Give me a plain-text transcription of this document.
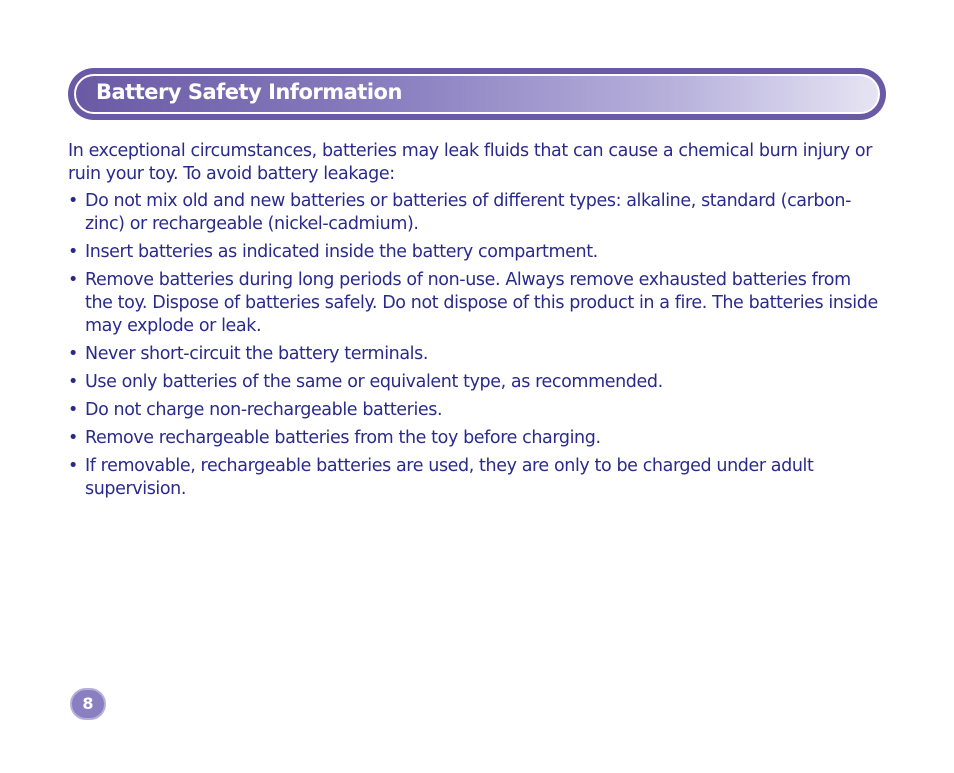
Battery Safety Information

In exceptional circumstances, batteries may leak fluids that can cause a chemical burn injury or ruin your toy. To avoid battery leakage:

• Do not mix old and new batteries or batteries of different types: alkaline, standard (carbon-zinc) or rechargeable (nickel-cadmium).
• Insert batteries as indicated inside the battery compartment.
• Remove batteries during long periods of non-use. Always remove exhausted batteries from the toy. Dispose of batteries safely. Do not dispose of this product in a fire. The batteries inside may explode or leak.
• Never short-circuit the battery terminals.
• Use only batteries of the same or equivalent type, as recommended.
• Do not charge non-rechargeable batteries.
• Remove rechargeable batteries from the toy before charging.
• If removable, rechargeable batteries are used, they are only to be charged under adult supervision.
8
